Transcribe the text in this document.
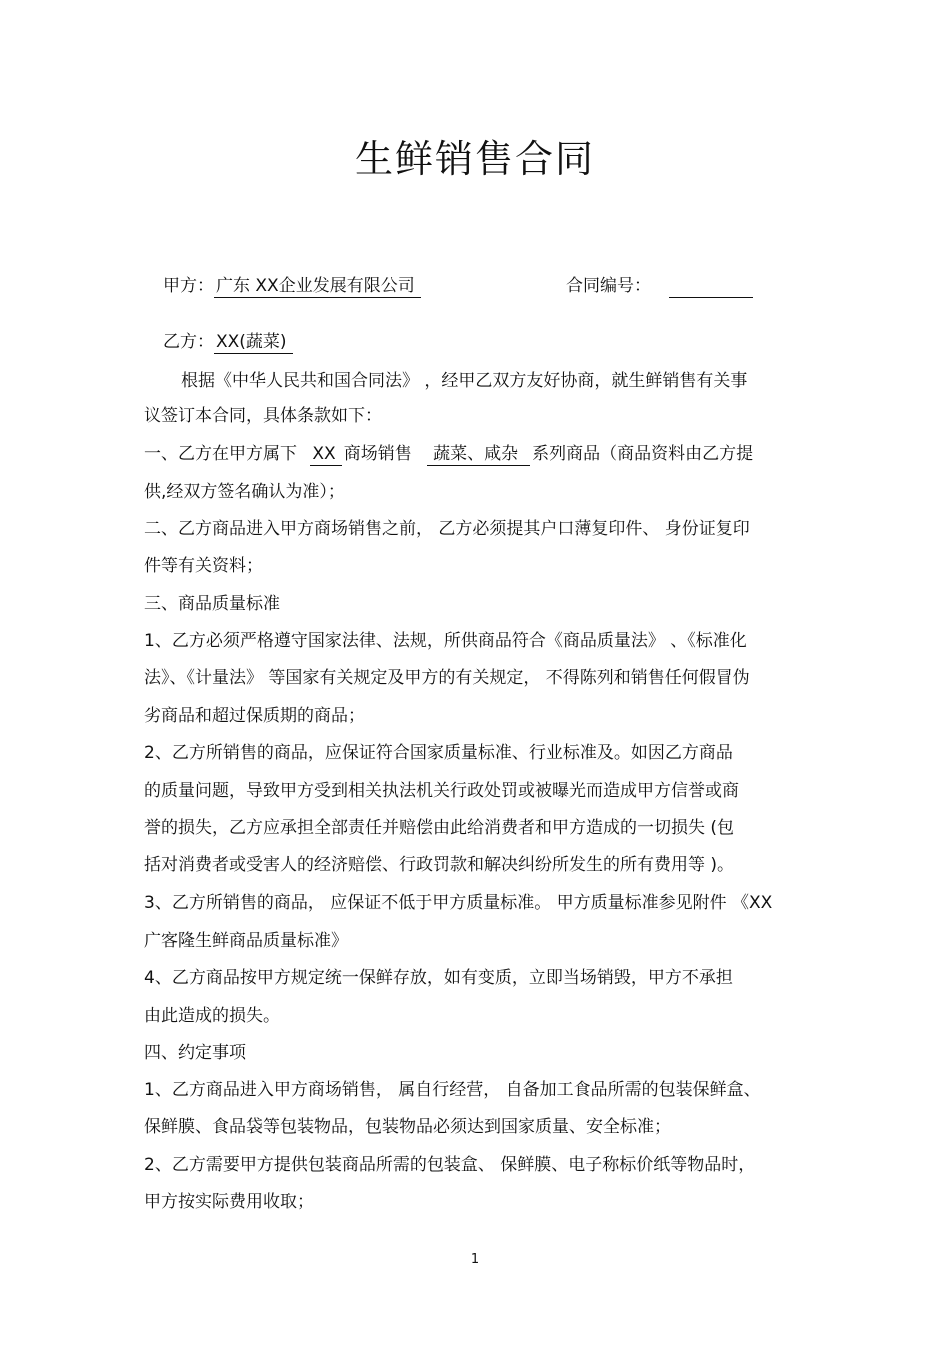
生鲜销售合同
甲方： 广东 XX企业发展有限公司	合同编号：
乙方： XX(蔬菜)
根据《中华人民共和国合同法》 ，经甲乙双方友好协商，就生鲜销售有关事
议签订本合同，具体条款如下：
一、乙方在甲方属下 XX 商场销售 蔬菜、咸杂 系列商品（商品资料由乙方提
供,经双方签名确认为准）；
二、乙方商品进入甲方商场销售之前， 乙方必须提其户口薄复印件、 身份证复印
件等有关资料；
三、商品质量标准
1、乙方必须严格遵守国家法律、法规，所供商品符合《商品质量法》 、《标准化
法》、《计量法》 等国家有关规定及甲方的有关规定， 不得陈列和销售任何假冒伪
劣商品和超过保质期的商品；
2、乙方所销售的商品，应保证符合国家质量标准、行业标准及。如因乙方商品
的质量问题，导致甲方受到相关执法机关行政处罚或被曝光而造成甲方信誉或商
誉的损失，乙方应承担全部责任并赔偿由此给消费者和甲方造成的一切损失 (包
括对消费者或受害人的经济赔偿、行政罚款和解决纠纷所发生的所有费用等 )。
3、乙方所销售的商品， 应保证不低于甲方质量标准。 甲方质量标准参见附件 《XX
广客隆生鲜商品质量标准》
4、乙方商品按甲方规定统一保鲜存放，如有变质，立即当场销毁，甲方不承担
由此造成的损失。
四、约定事项
1、乙方商品进入甲方商场销售， 属自行经营， 自备加工食品所需的包装保鲜盒、
保鲜膜、食品袋等包装物品，包装物品必须达到国家质量、安全标准；
2、乙方需要甲方提供包装商品所需的包装盒、 保鲜膜、电子称标价纸等物品时，
甲方按实际费用收取；
1
